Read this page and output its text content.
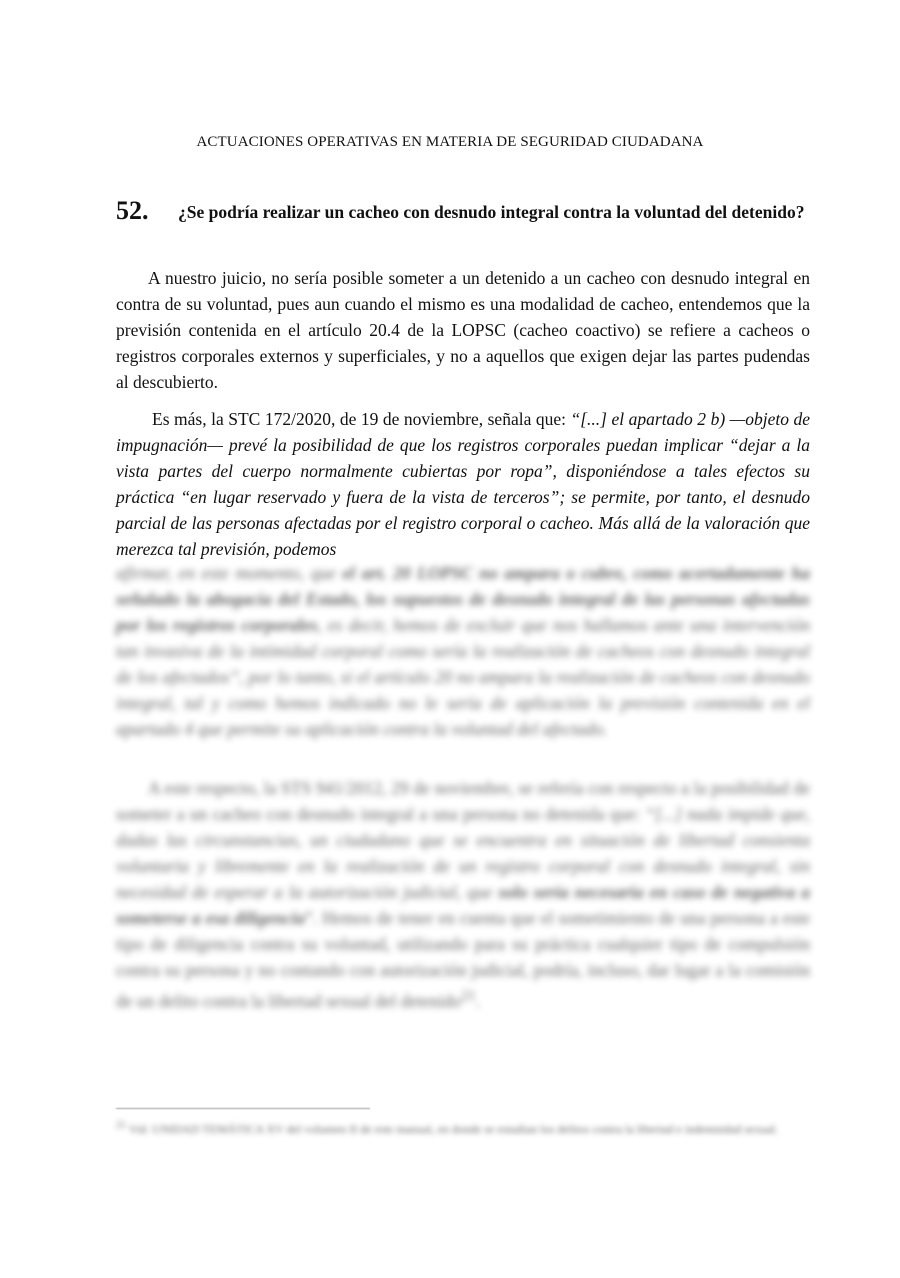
ACTUACIONES OPERATIVAS EN MATERIA DE SEGURIDAD CIUDADANA
52.	¿Se podría realizar un cacheo con desnudo integral contra la voluntad del detenido?
A nuestro juicio, no sería posible someter a un detenido a un cacheo con desnudo integral en contra de su voluntad, pues aun cuando el mismo es una modalidad de cacheo, entendemos que la previsión contenida en el artículo 20.4 de la LOPSC (cacheo coactivo) se refiere a cacheos o registros corporales externos y superficiales, y no a aquellos que exigen dejar las partes pudendas al descubierto.
Es más, la STC 172/2020, de 19 de noviembre, señala que: “[...] el apartado 2 b) —objeto de impugnación— prevé la posibilidad de que los registros corporales puedan implicar “dejar a la vista partes del cuerpo normalmente cubiertas por ropa”, disponiéndose a tales efectos su práctica “en lugar reservado y fuera de la vista de terceros”; se permite, por tanto, el desnudo parcial de las personas afectadas por el registro corporal o cacheo. Más allá de la valoración que merezca tal previsión, podemos
afirmar, en este momento, que el art. 20 LOPSC no ampara o cubre, como acertadamente ha señalado la abogacía del Estado, los supuestos de desnudo integral de las personas afectadas por los registros corporales, es decir, hemos de excluir que nos hallamos ante una intervención tan invasiva de la intimidad corporal como sería la realización de cacheos con desnudo integral de los afectados”, por lo tanto, si el artículo 20 no ampara la realización de cacheos con desnudo integral, tal y como hemos indicado no le sería de aplicación la previsión contenida en el apartado 4 que permite su aplicación contra la voluntad del afectado.
A este respecto, la STS 941/2012, 29 de noviembre, se refería con respecto a la posibilidad de someter a un cacheo con desnudo integral a una persona no detenida que: “[...] nada impide que, dadas las circunstancias, un ciudadano que se encuentra en situación de libertad consienta voluntaria y libremente en la realización de un registro corporal con desnudo integral, sin necesidad de esperar a la autorización judicial, que solo sería necesaria en caso de negativa a someterse a esa diligencia”. Hemos de tener en cuenta que el sometimiento de una persona a este tipo de diligencia contra su voluntad, utilizando para su práctica cualquier tipo de compulsión contra su persona y no contando con autorización judicial, podría, incluso, dar lugar a la comisión de un delito contra la libertad sexual del detenido$^{21}$.
$^{21}$ Vid. UNIDAD TEMÁTICA XV del volumen II de este manual, en donde se estudian los delitos contra la libertad e indemnidad sexual.
